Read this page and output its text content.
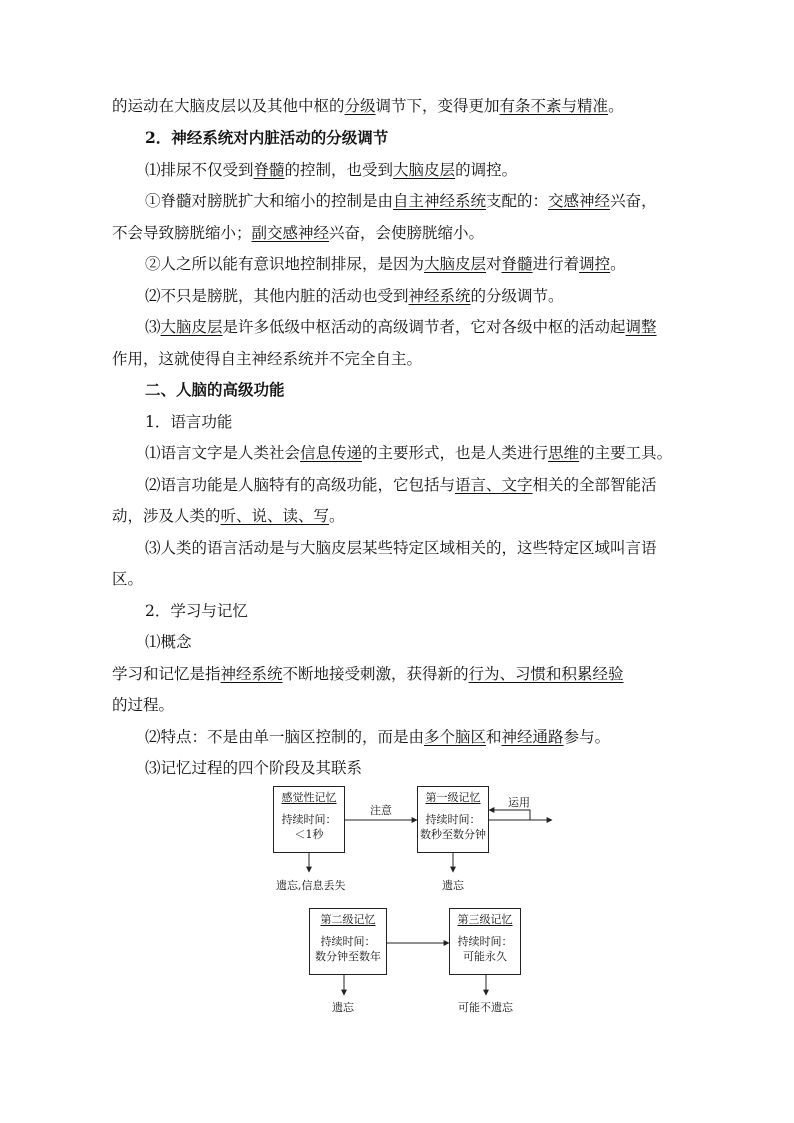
的运动在大脑皮层以及其他中枢的分级调节下，变得更加有条不紊与精准。
2．神经系统对内脏活动的分级调节
⑴排尿不仅受到脊髓的控制，也受到大脑皮层的调控。
①脊髓对膀胱扩大和缩小的控制是由自主神经系统支配的：交感神经兴奋，
不会导致膀胱缩小；副交感神经兴奋，会使膀胱缩小。
②人之所以能有意识地控制排尿，是因为大脑皮层对脊髓进行着调控。
⑵不只是膀胱，其他内脏的活动也受到神经系统的分级调节。
⑶大脑皮层是许多低级中枢活动的高级调节者，它对各级中枢的活动起调整
作用，这就使得自主神经系统并不完全自主。
二、人脑的高级功能
1．语言功能
⑴语言文字是人类社会信息传递的主要形式，也是人类进行思维的主要工具。
⑵语言功能是人脑特有的高级功能，它包括与语言、文字相关的全部智能活
动，涉及人类的听、说、读、写。
⑶人类的语言活动是与大脑皮层某些特定区域相关的，这些特定区域叫言语
区。
2．学习与记忆
⑴概念
学习和记忆是指神经系统不断地接受刺激，获得新的行为、习惯和积累经验
的过程。
⑵特点：不是由单一脑区控制的，而是由多个脑区和神经通路参与。
⑶记忆过程的四个阶段及其联系
感觉性记忆
持续时间：
＜1秒
第一级记忆
持续时间：
数秒至数分钟
第二级记忆
持续时间：
数分钟至数年
第三级记忆
持续时间：
可能永久
注意
运用
遗忘,信息丢失	遗忘
遗忘	可能不遗忘
